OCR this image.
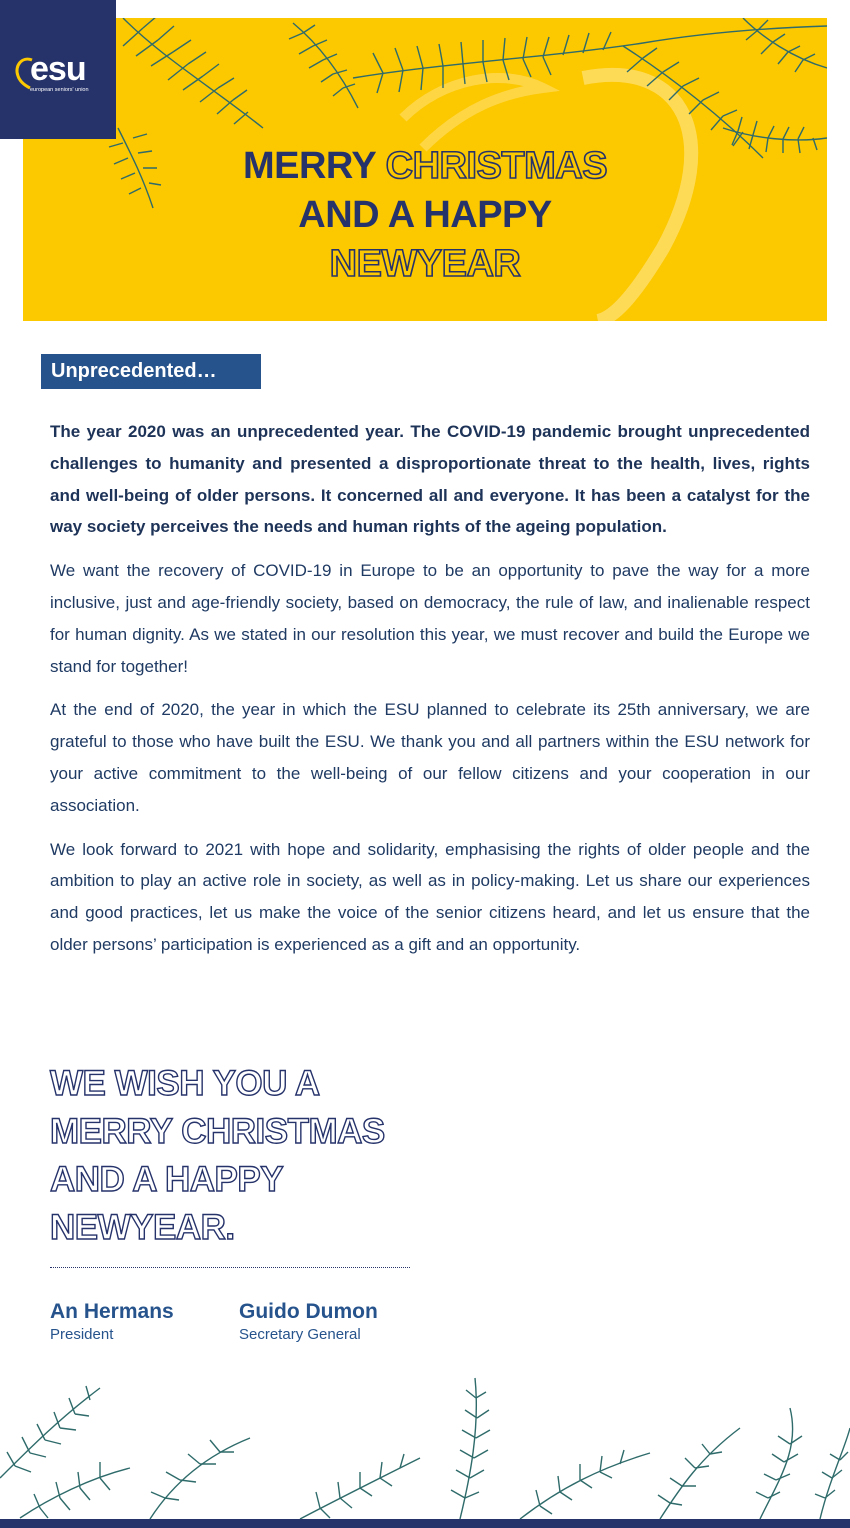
esu
european seniors' union
MERRY CHRISTMAS
AND A HAPPY
NEWYEAR
Unprecedented…

The year 2020 was an unprecedented year. The COVID-19 pandemic brought unprecedented challenges to humanity and presented a disproportionate threat to the health, lives, rights and well-being of older persons. It concerned all and everyone. It has been a catalyst for the way society perceives the needs and human rights of the ageing population.

We want the recovery of COVID-19 in Europe to be an opportunity to pave the way for a more inclusive, just and age-friendly society, based on democracy, the rule of law, and inalienable respect for human dignity. As we stated in our resolution this year, we must recover and build the Europe we stand for together!

At the end of 2020, the year in which the ESU planned to celebrate its 25th anniversary, we are grateful to those who have built the ESU. We thank you and all partners within the ESU network for your active commitment to the well-being of our fellow citizens and your cooperation in our association.

We look forward to 2021 with hope and solidarity, emphasising the rights of older people and the ambition to play an active role in society, as well as in policy-making. Let us share our experiences and good practices, let us make the voice of the senior citizens heard, and let us ensure that the older persons’ participation is experienced as a gift and an opportunity.

WE WISH YOU A
MERRY CHRISTMAS
AND A HAPPY
NEWYEAR.
An Hermans
President
Guido Dumon
Secretary General
